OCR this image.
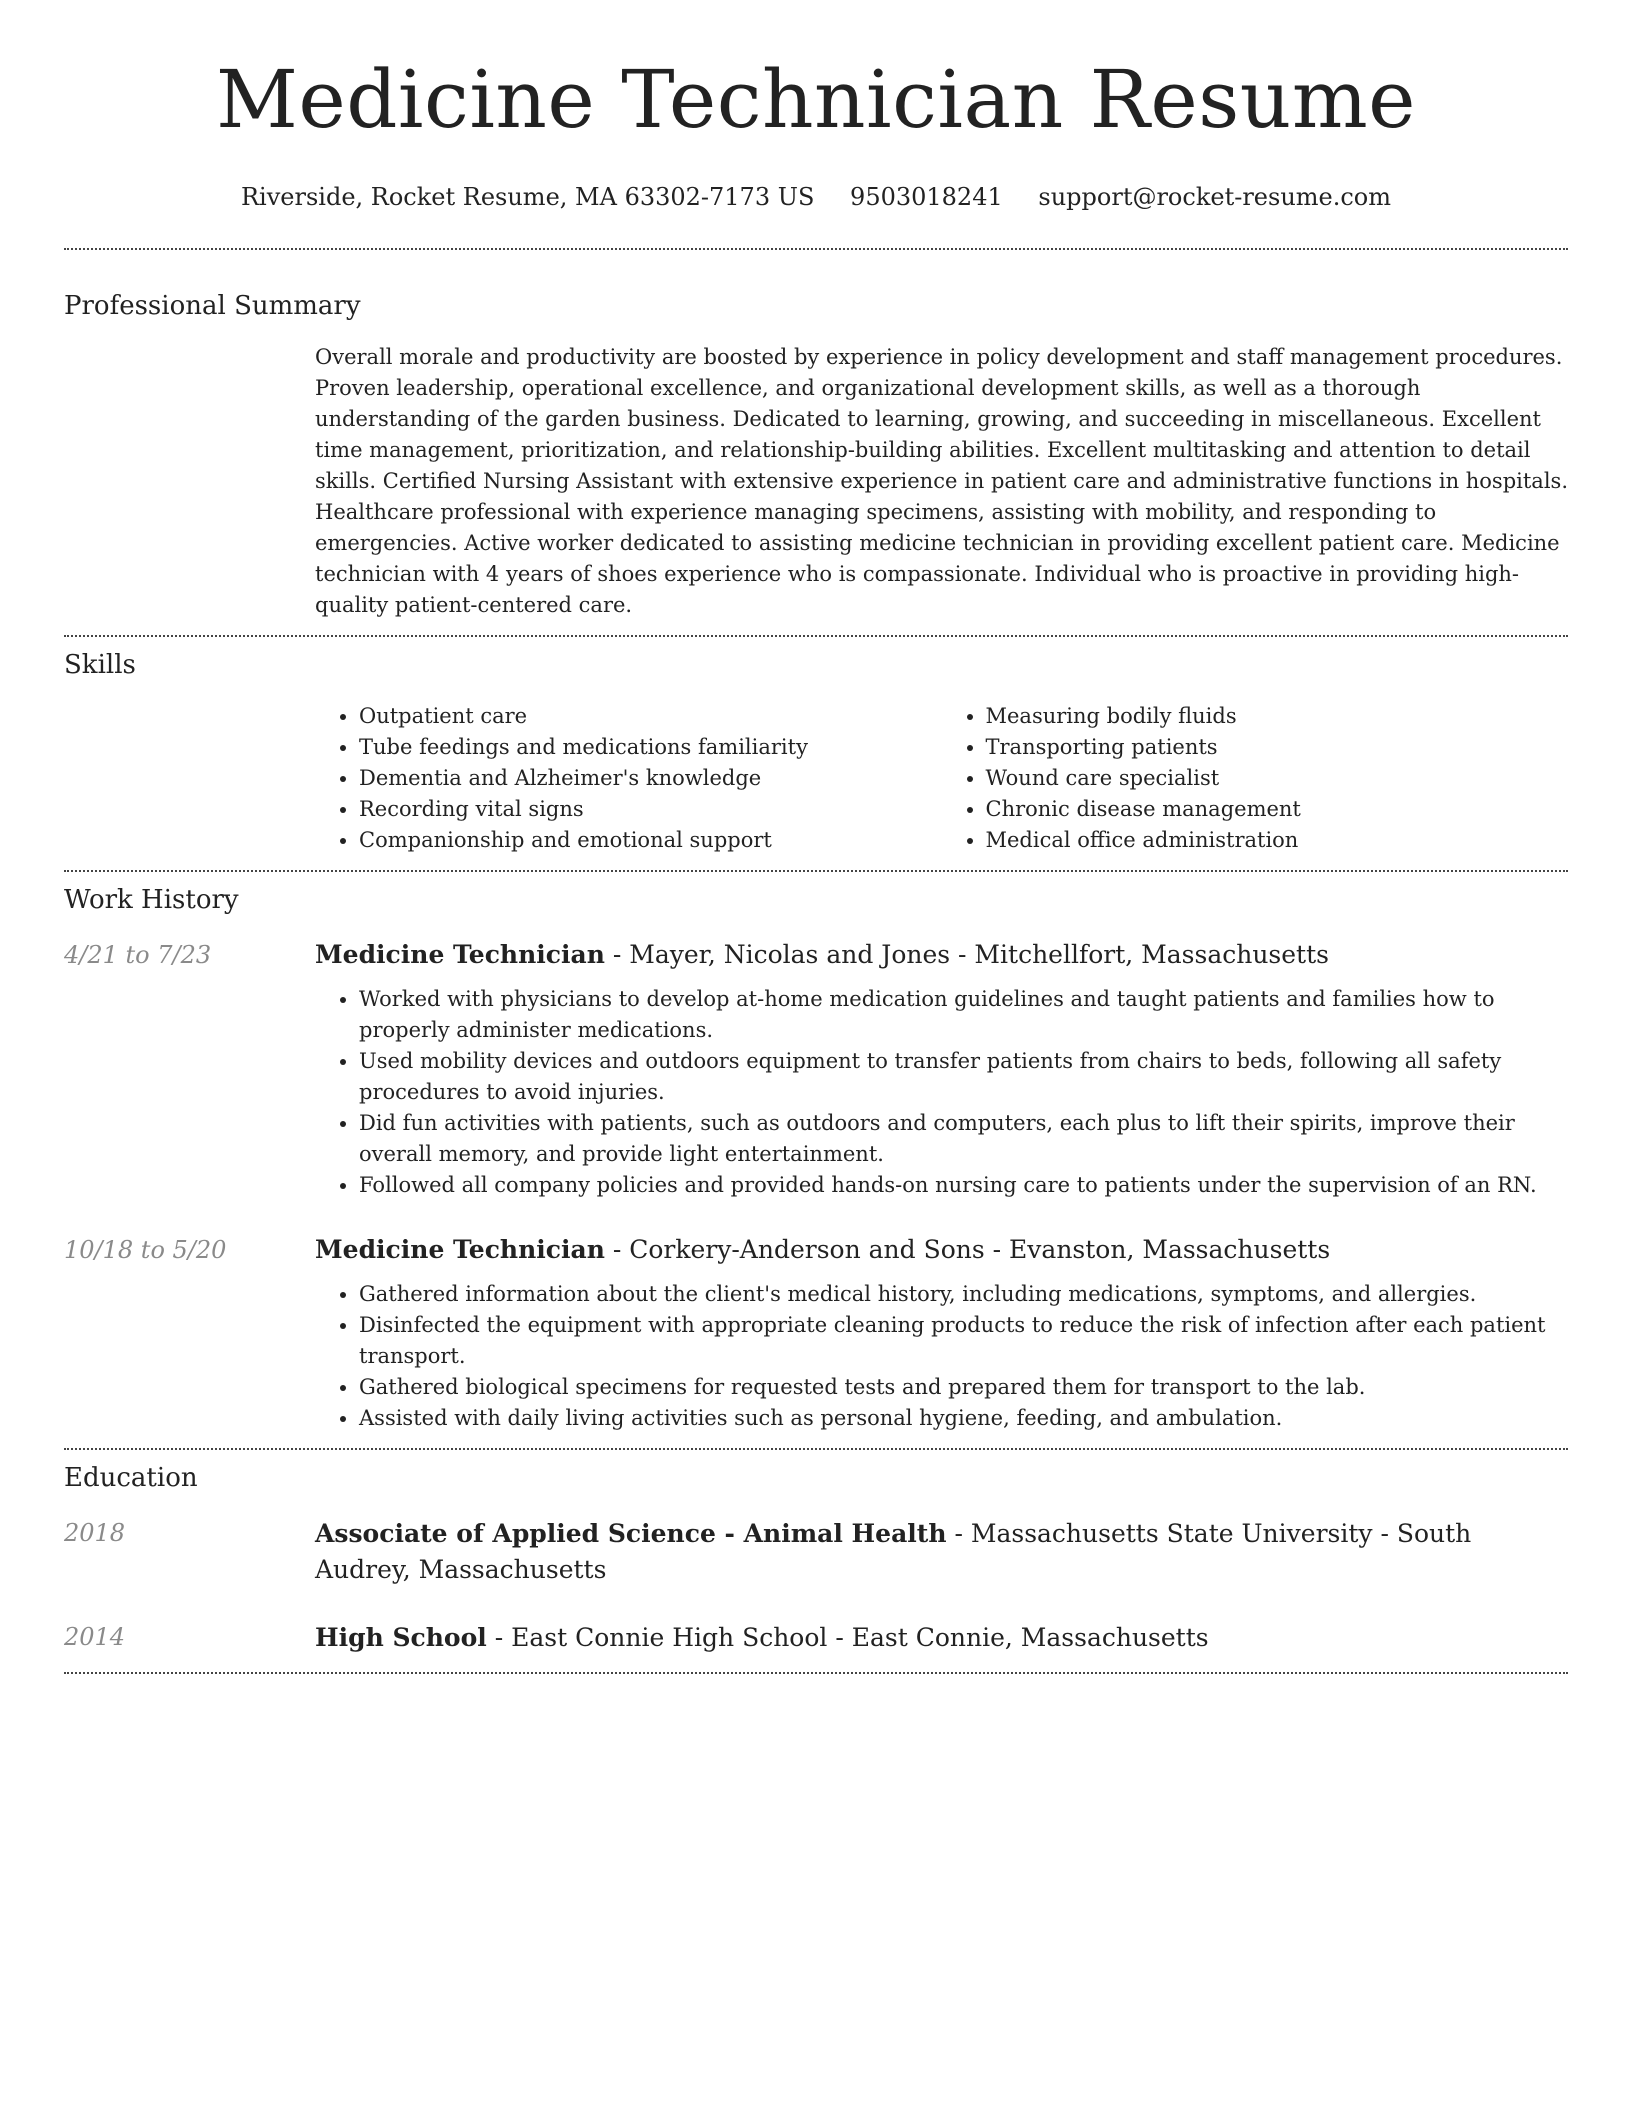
Medicine Technician Resume
Riverside, Rocket Resume, MA 63302-7173 US 9503018241 support@rocket-resume.com
Professional Summary

Overall morale and productivity are boosted by experience in policy development and staff management procedures. Proven leadership, operational excellence, and organizational development skills, as well as a thorough understanding of the garden business. Dedicated to learning, growing, and succeeding in miscellaneous. Excellent time management, prioritization, and relationship-building abilities. Excellent multitasking and attention to detail skills. Certified Nursing Assistant with extensive experience in patient care and administrative functions in hospitals. Healthcare professional with experience managing specimens, assisting with mobility, and responding to emergencies. Active worker dedicated to assisting medicine technician in providing excellent patient care. Medicine technician with 4 years of shoes experience who is compassionate. Individual who is proactive in providing high-quality patient-centered care.

Skills
• Outpatient care
• Tube feedings and medications familiarity
• Dementia and Alzheimer's knowledge
• Recording vital signs
• Companionship and emotional support
• Measuring bodily fluids
• Transporting patients
• Wound care specialist
• Chronic disease management
• Medical office administration
Work History
4/21 to 7/23	Medicine Technician - Mayer, Nicolas and Jones - Mitchellfort, Massachusetts

• Worked with physicians to develop at-home medication guidelines and taught patients and families how to properly administer medications.
• Used mobility devices and outdoors equipment to transfer patients from chairs to beds, following all safety procedures to avoid injuries.
• Did fun activities with patients, such as outdoors and computers, each plus to lift their spirits, improve their overall memory, and provide light entertainment.
• Followed all company policies and provided hands-on nursing care to patients under the supervision of an RN.
10/18 to 5/20	Medicine Technician - Corkery-Anderson and Sons - Evanston, Massachusetts

• Gathered information about the client's medical history, including medications, symptoms, and allergies.
• Disinfected the equipment with appropriate cleaning products to reduce the risk of infection after each patient transport.
• Gathered biological specimens for requested tests and prepared them for transport to the lab.
• Assisted with daily living activities such as personal hygiene, feeding, and ambulation.
Education
2018	Associate of Applied Science - Animal Health - Massachusetts State University - South Audrey, Massachusetts

2014	High School - East Connie High School - East Connie, Massachusetts
